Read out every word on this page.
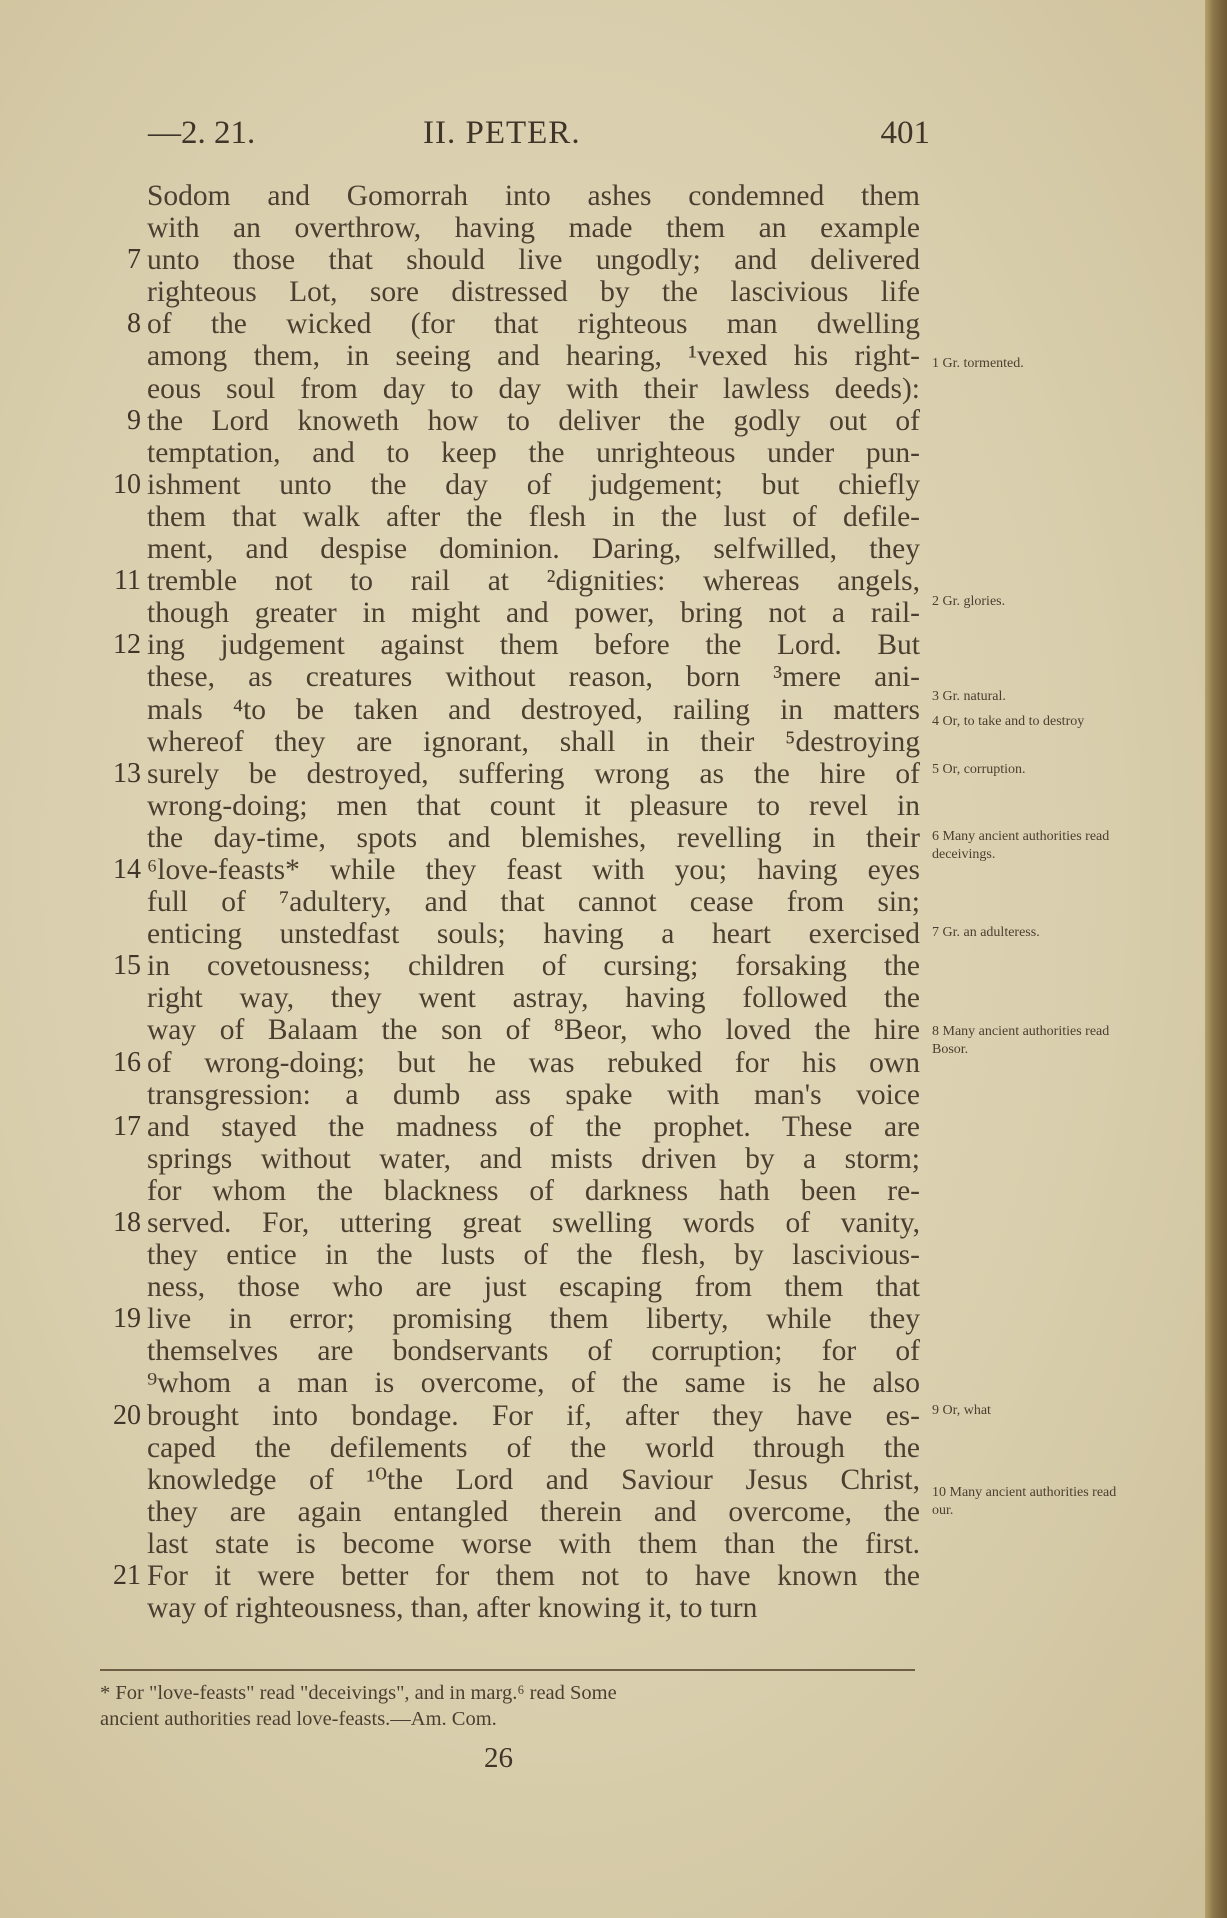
—2. 21.	II. PETER.	401
Sodom and Gomorrah into ashes condemned them
with an overthrow, having made them an example
7 unto those that should live ungodly; and delivered
righteous Lot, sore distressed by the lascivious life
8 of the wicked (for that righteous man dwelling
among them, in seeing and hearing, ¹vexed his right-
eous soul from day to day with their lawless deeds):
9 the Lord knoweth how to deliver the godly out of
temptation, and to keep the unrighteous under pun-
10 ishment unto the day of judgement; but chiefly
them that walk after the flesh in the lust of defile-
ment, and despise dominion. Daring, selfwilled, they
11 tremble not to rail at ²dignities: whereas angels,
though greater in might and power, bring not a rail-
12 ing judgement against them before the Lord. But
these, as creatures without reason, born ³mere ani-
mals ⁴to be taken and destroyed, railing in matters
whereof they are ignorant, shall in their ⁵destroying
13 surely be destroyed, suffering wrong as the hire of
wrong-doing; men that count it pleasure to revel in
the day-time, spots and blemishes, revelling in their
14 ⁶love-feasts* while they feast with you; having eyes
full of ⁷adultery, and that cannot cease from sin;
enticing unstedfast souls; having a heart exercised
15 in covetousness; children of cursing; forsaking the
right way, they went astray, having followed the
way of Balaam the son of ⁸Beor, who loved the hire
16 of wrong-doing; but he was rebuked for his own
transgression: a dumb ass spake with man's voice
17 and stayed the madness of the prophet. These are
springs without water, and mists driven by a storm;
for whom the blackness of darkness hath been re-
18 served. For, uttering great swelling words of vanity,
they entice in the lusts of the flesh, by lascivious-
ness, those who are just escaping from them that
19 live in error; promising them liberty, while they
themselves are bondservants of corruption; for of
⁹whom a man is overcome, of the same is he also
20 brought into bondage. For if, after they have es-
caped the defilements of the world through the
knowledge of ¹⁰the Lord and Saviour Jesus Christ,
they are again entangled therein and overcome, the
last state is become worse with them than the first.
21 For it were better for them not to have known the
way of righteousness, than, after knowing it, to turn
1 Gr. tormented.
2 Gr. glories.
3 Gr. natural.
4 Or, to take and to destroy
5 Or, corruption.
6 Many ancient authorities read deceivings.
7 Gr. an adulteress.
8 Many ancient authorities read Bosor.
9 Or, what
10 Many ancient authorities read our.
* For "love-feasts" read "deceivings", and in marg.⁶ read Some
ancient authorities read love-feasts.—Am. Com.
26
